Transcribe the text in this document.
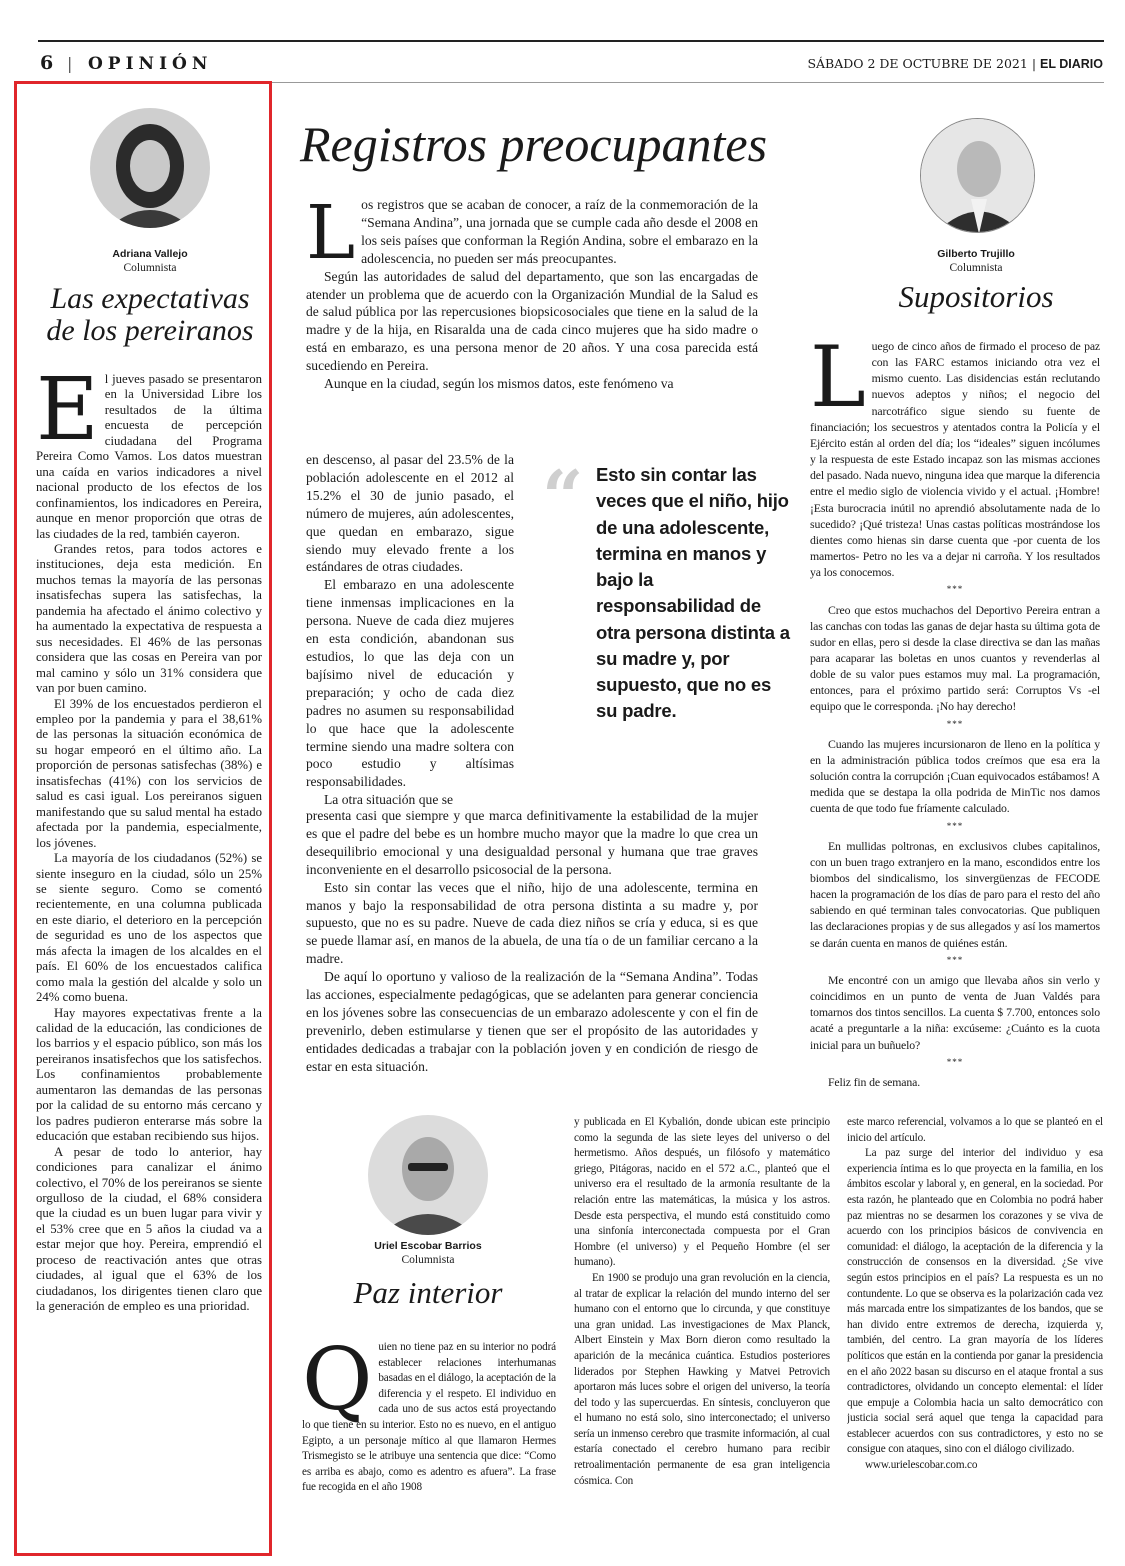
6 | OPINIÓN	SÁBADO 2 DE OCTUBRE DE 2021 | EL DIARIO
Adriana Vallejo
Columnista
Las expectativas
de los pereiranos
E l jueves pasado se presentaron en la Universidad Libre los resultados de la última encuesta de percepción ciudadana del Programa Pereira Como Vamos. Los datos muestran una caída en varios indicadores a nivel nacional producto de los efectos de los confinamientos, los indicadores en Pereira, aunque en menor proporción que otras de las ciudades de la red, también cayeron.

Grandes retos, para todos actores e instituciones, deja esta medición. En muchos temas la mayoría de las personas insatisfechas supera las satisfechas, la pandemia ha afectado el ánimo colectivo y ha aumentado la expectativa de respuesta a sus necesidades. El 46% de las personas considera que las cosas en Pereira van por mal camino y sólo un 31% considera que van por buen camino.

El 39% de los encuestados perdieron el empleo por la pandemia y para el 38,61% de las personas la situación económica de su hogar empeoró en el último año. La proporción de personas satisfechas (38%) e insatisfechas (41%) con los servicios de salud es casi igual. Los pereiranos siguen manifestando que su salud mental ha estado afectada por la pandemia, especialmente, los jóvenes.

La mayoría de los ciudadanos (52%) se siente inseguro en la ciudad, sólo un 25% se siente seguro. Como se comentó recientemente, en una columna publicada en este diario, el deterioro en la percepción de seguridad es uno de los aspectos que más afecta la imagen de los alcaldes en el país. El 60% de los encuestados califica como mala la gestión del alcalde y solo un 24% como buena.

Hay mayores expectativas frente a la calidad de la educación, las condiciones de los barrios y el espacio público, son más los pereiranos insatisfechos que los satisfechos. Los confinamientos probablemente aumentaron las demandas de las personas por la calidad de su entorno más cercano y los padres pudieron enterarse más sobre la educación que estaban recibiendo sus hijos.

A pesar de todo lo anterior, hay condiciones para canalizar el ánimo colectivo, el 70% de los pereiranos se siente orgulloso de la ciudad, el 68% considera que la ciudad es un buen lugar para vivir y el 53% cree que en 5 años la ciudad va a estar mejor que hoy. Pereira, emprendió el proceso de reactivación antes que otras ciudades, al igual que el 63% de los ciudadanos, los dirigentes tienen claro que la generación de empleo es una prioridad.

Registros preocupantes
L os registros que se acaban de conocer, a raíz de la conmemoración de la “Semana Andina”, una jornada que se cumple cada año desde el 2008 en los seis países que conforman la Región Andina, sobre el embarazo en la adolescencia, no pueden ser más preocupantes.

Según las autoridades de salud del departamento, que son las encargadas de atender un problema que de acuerdo con la Organización Mundial de la Salud es de salud pública por las repercusiones biopsicosociales que tiene en la salud de la madre y de la hija, en Risaralda una de cada cinco mujeres que ha sido madre o está en embarazo, es una persona menor de 20 años. Y una cosa parecida está sucediendo en Pereira.

Aunque en la ciudad, según los mismos datos, este fenómeno va

en descenso, al pasar del 23.5% de la población adolescente en el 2012 al 15.2% el 30 de junio pasado, el número de mujeres, aún adolescentes, que quedan en embarazo, sigue siendo muy elevado frente a los estándares de otras ciudades.

El embarazo en una adolescente tiene inmensas implicaciones en la persona. Nueve de cada diez mujeres en esta condición, abandonan sus estudios, lo que las deja con un bajísimo nivel de educación y preparación; y ocho de cada diez padres no asumen su responsabilidad lo que hace que la adolescente termine siendo una madre soltera con poco estudio y altísimas responsabilidades.

La otra situación que se

presenta casi que siempre y que marca definitivamente la estabilidad de la mujer es que el padre del bebe es un hombre mucho mayor que la madre lo que crea un desequilibrio emocional y una desigualdad personal y humana que trae graves inconveniente en el desarrollo psicosocial de la persona.

Esto sin contar las veces que el niño, hijo de una adolescente, termina en manos y bajo la responsabilidad de otra persona distinta a su madre y, por supuesto, que no es su padre. Nueve de cada diez niños se cría y educa, si es que se puede llamar así, en manos de la abuela, de una tía o de un familiar cercano a la madre.

De aquí lo oportuno y valioso de la realización de la “Semana Andina”. Todas las acciones, especialmente pedagógicas, que se adelanten para generar conciencia en los jóvenes sobre las consecuencias de un embarazo adolescente y con el fin de prevenirlo, deben estimularse y tienen que ser el propósito de las autoridades y entidades dedicadas a trabajar con la población joven y en condición de riesgo de estar en esta situación.

“ Esto sin contar las veces que el niño, hijo de una adolescente, termina en manos y bajo la responsabilidad de otra persona distinta a su madre y, por supuesto, que no es su padre.
Gilberto Trujillo
Columnista
Supositorios
L uego de cinco años de firmado el proceso de paz con las FARC estamos iniciando otra vez el mismo cuento. Las disidencias están reclutando nuevos adeptos y niños; el negocio del narcotráfico sigue siendo su fuente de financiación; los secuestros y atentados contra la Policía y el Ejército están al orden del día; los “ideales” siguen incólumes y la respuesta de este Estado incapaz son las mismas acciones del pasado. Nada nuevo, ninguna idea que marque la diferencia entre el medio siglo de violencia vivido y el actual. ¡Hombre! ¡Esta burocracia inútil no aprendió absolutamente nada de lo sucedido? ¡Qué tristeza! Unas castas políticas mostrándose los dientes como hienas sin darse cuenta que -por cuenta de los mamertos- Petro no les va a dejar ni carroña. Y los resultados ya los conocemos.

***

Creo que estos muchachos del Deportivo Pereira entran a las canchas con todas las ganas de dejar hasta su última gota de sudor en ellas, pero si desde la clase directiva se dan las mañas para acaparar las boletas en unos cuantos y revenderlas al doble de su valor pues estamos muy mal. La programación, entonces, para el próximo partido será: Corruptos Vs -el equipo que le corresponda. ¡No hay derecho!

***

Cuando las mujeres incursionaron de lleno en la política y en la administración pública todos creímos que esa era la solución contra la corrupción ¡Cuan equivocados estábamos! A medida que se destapa la olla podrida de MinTic nos damos cuenta de que todo fue fríamente calculado.

***

En mullidas poltronas, en exclusivos clubes capitalinos, con un buen trago extranjero en la mano, escondidos entre los biombos del sindicalismo, los sinvergüenzas de FECODE hacen la programación de los días de paro para el resto del año sabiendo en qué terminan tales convocatorias. Que publiquen las declaraciones propias y de sus allegados y así los mamertos se darán cuenta en manos de quiénes están.

***

Me encontré con un amigo que llevaba años sin verlo y coincidimos en un punto de venta de Juan Valdés para tomarnos dos tintos sencillos. La cuenta $ 7.700, entonces solo acaté a preguntarle a la niña: excúseme: ¿Cuánto es la cuota inicial para un buñuelo?

***

Feliz fin de semana.

Uriel Escobar Barrios
Columnista
Paz interior
Q uien no tiene paz en su interior no podrá establecer relaciones interhumanas basadas en el diálogo, la aceptación de la diferencia y el respeto. El individuo en cada uno de sus actos está proyectando lo que tiene en su interior. Esto no es nuevo, en el antiguo Egipto, a un personaje mítico al que llamaron Hermes Trismegisto se le atribuye una sentencia que dice: “Como es arriba es abajo, como es adentro es afuera”. La frase fue recogida en el año 1908

y publicada en El Kybalión, donde ubican este principio como la segunda de las siete leyes del universo o del hermetismo. Años después, un filósofo y matemático griego, Pitágoras, nacido en el 572 a.C., planteó que el universo era el resultado de la armonía resultante de la relación entre las matemáticas, la música y los astros. Desde esta perspectiva, el mundo está constituido como una sinfonía interconectada compuesta por el Gran Hombre (el universo) y el Pequeño Hombre (el ser humano).

En 1900 se produjo una gran revolución en la ciencia, al tratar de explicar la relación del mundo interno del ser humano con el entorno que lo circunda, y que constituye una gran unidad. Las investigaciones de Max Planck, Albert Einstein y Max Born dieron como resultado la aparición de la mecánica cuántica. Estudios posteriores liderados por Stephen Hawking y Matvei Petrovich aportaron más luces sobre el origen del universo, la teoría del todo y las supercuerdas. En síntesis, concluyeron que el humano no está solo, sino interconectado; el universo sería un inmenso cerebro que trasmite información, al cual estaría conectado el cerebro humano para recibir retroalimentación permanente de esa gran inteligencia cósmica. Con

este marco referencial, volvamos a lo que se planteó en el inicio del artículo.

La paz surge del interior del individuo y esa experiencia íntima es lo que proyecta en la familia, en los ámbitos escolar y laboral y, en general, en la sociedad. Por esta razón, he planteado que en Colombia no podrá haber paz mientras no se desarmen los corazones y se viva de acuerdo con los principios básicos de convivencia en comunidad: el diálogo, la aceptación de la diferencia y la construcción de consensos en la diversidad. ¿Se vive según estos principios en el país? La respuesta es un no contundente. Lo que se observa es la polarización cada vez más marcada entre los simpatizantes de los bandos, que se han divido entre extremos de derecha, izquierda y, también, del centro. La gran mayoría de los líderes políticos que están en la contienda por ganar la presidencia en el año 2022 basan su discurso en el ataque frontal a sus contradictores, olvidando un concepto elemental: el líder que empuje a Colombia hacia un salto democrático con justicia social será aquel que tenga la capacidad para establecer acuerdos con sus contradictores, y esto no se consigue con ataques, sino con el diálogo civilizado.

www.urielescobar.com.co
